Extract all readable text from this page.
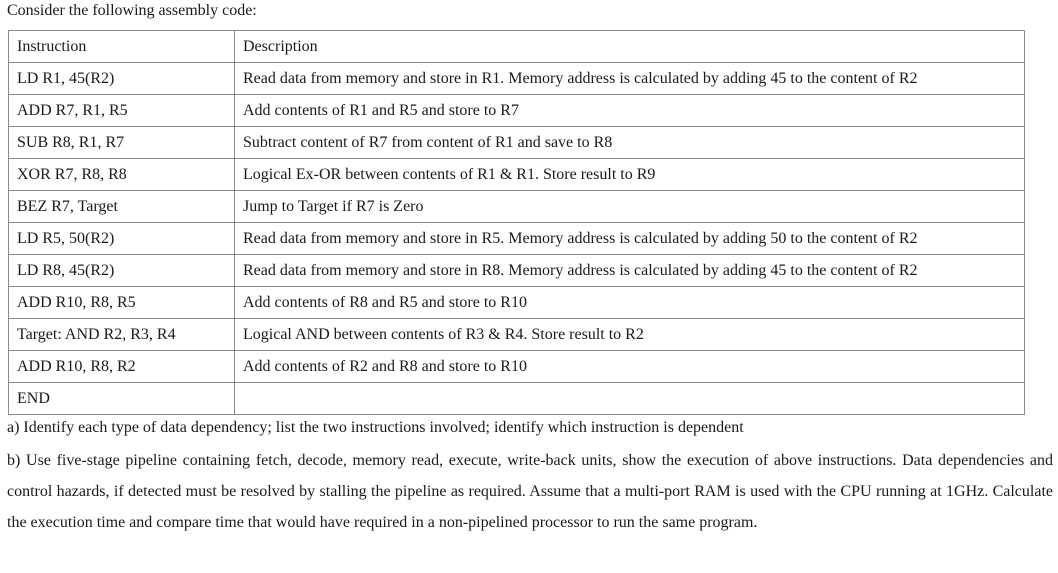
Consider the following assembly code:
Instruction	Description
LD R1, 45(R2)	Read data from memory and store in R1. Memory address is calculated by adding 45 to the content of R2
ADD R7, R1, R5	Add contents of R1 and R5 and store to R7
SUB R8, R1, R7	Subtract content of R7 from content of R1 and save to R8
XOR R7, R8, R8	Logical Ex-OR between contents of R1 & R1. Store result to R9
BEZ R7, Target	Jump to Target if R7 is Zero
LD R5, 50(R2)	Read data from memory and store in R5. Memory address is calculated by adding 50 to the content of R2
LD R8, 45(R2)	Read data from memory and store in R8. Memory address is calculated by adding 45 to the content of R2
ADD R10, R8, R5	Add contents of R8 and R5 and store to R10
Target: AND R2, R3, R4	Logical AND between contents of R3 & R4. Store result to R2
ADD R10, R8, R2	Add contents of R2 and R8 and store to R10
END	
a) Identify each type of data dependency; list the two instructions involved; identify which instruction is dependent
b) Use five-stage pipeline containing fetch, decode, memory read, execute, write-back units, show the execution of above instructions. Data dependencies and control hazards, if detected must be resolved by stalling the pipeline as required. Assume that a multi-port RAM is used with the CPU running at 1GHz. Calculate the execution time and compare time that would have required in a non-pipelined processor to run the same program.
